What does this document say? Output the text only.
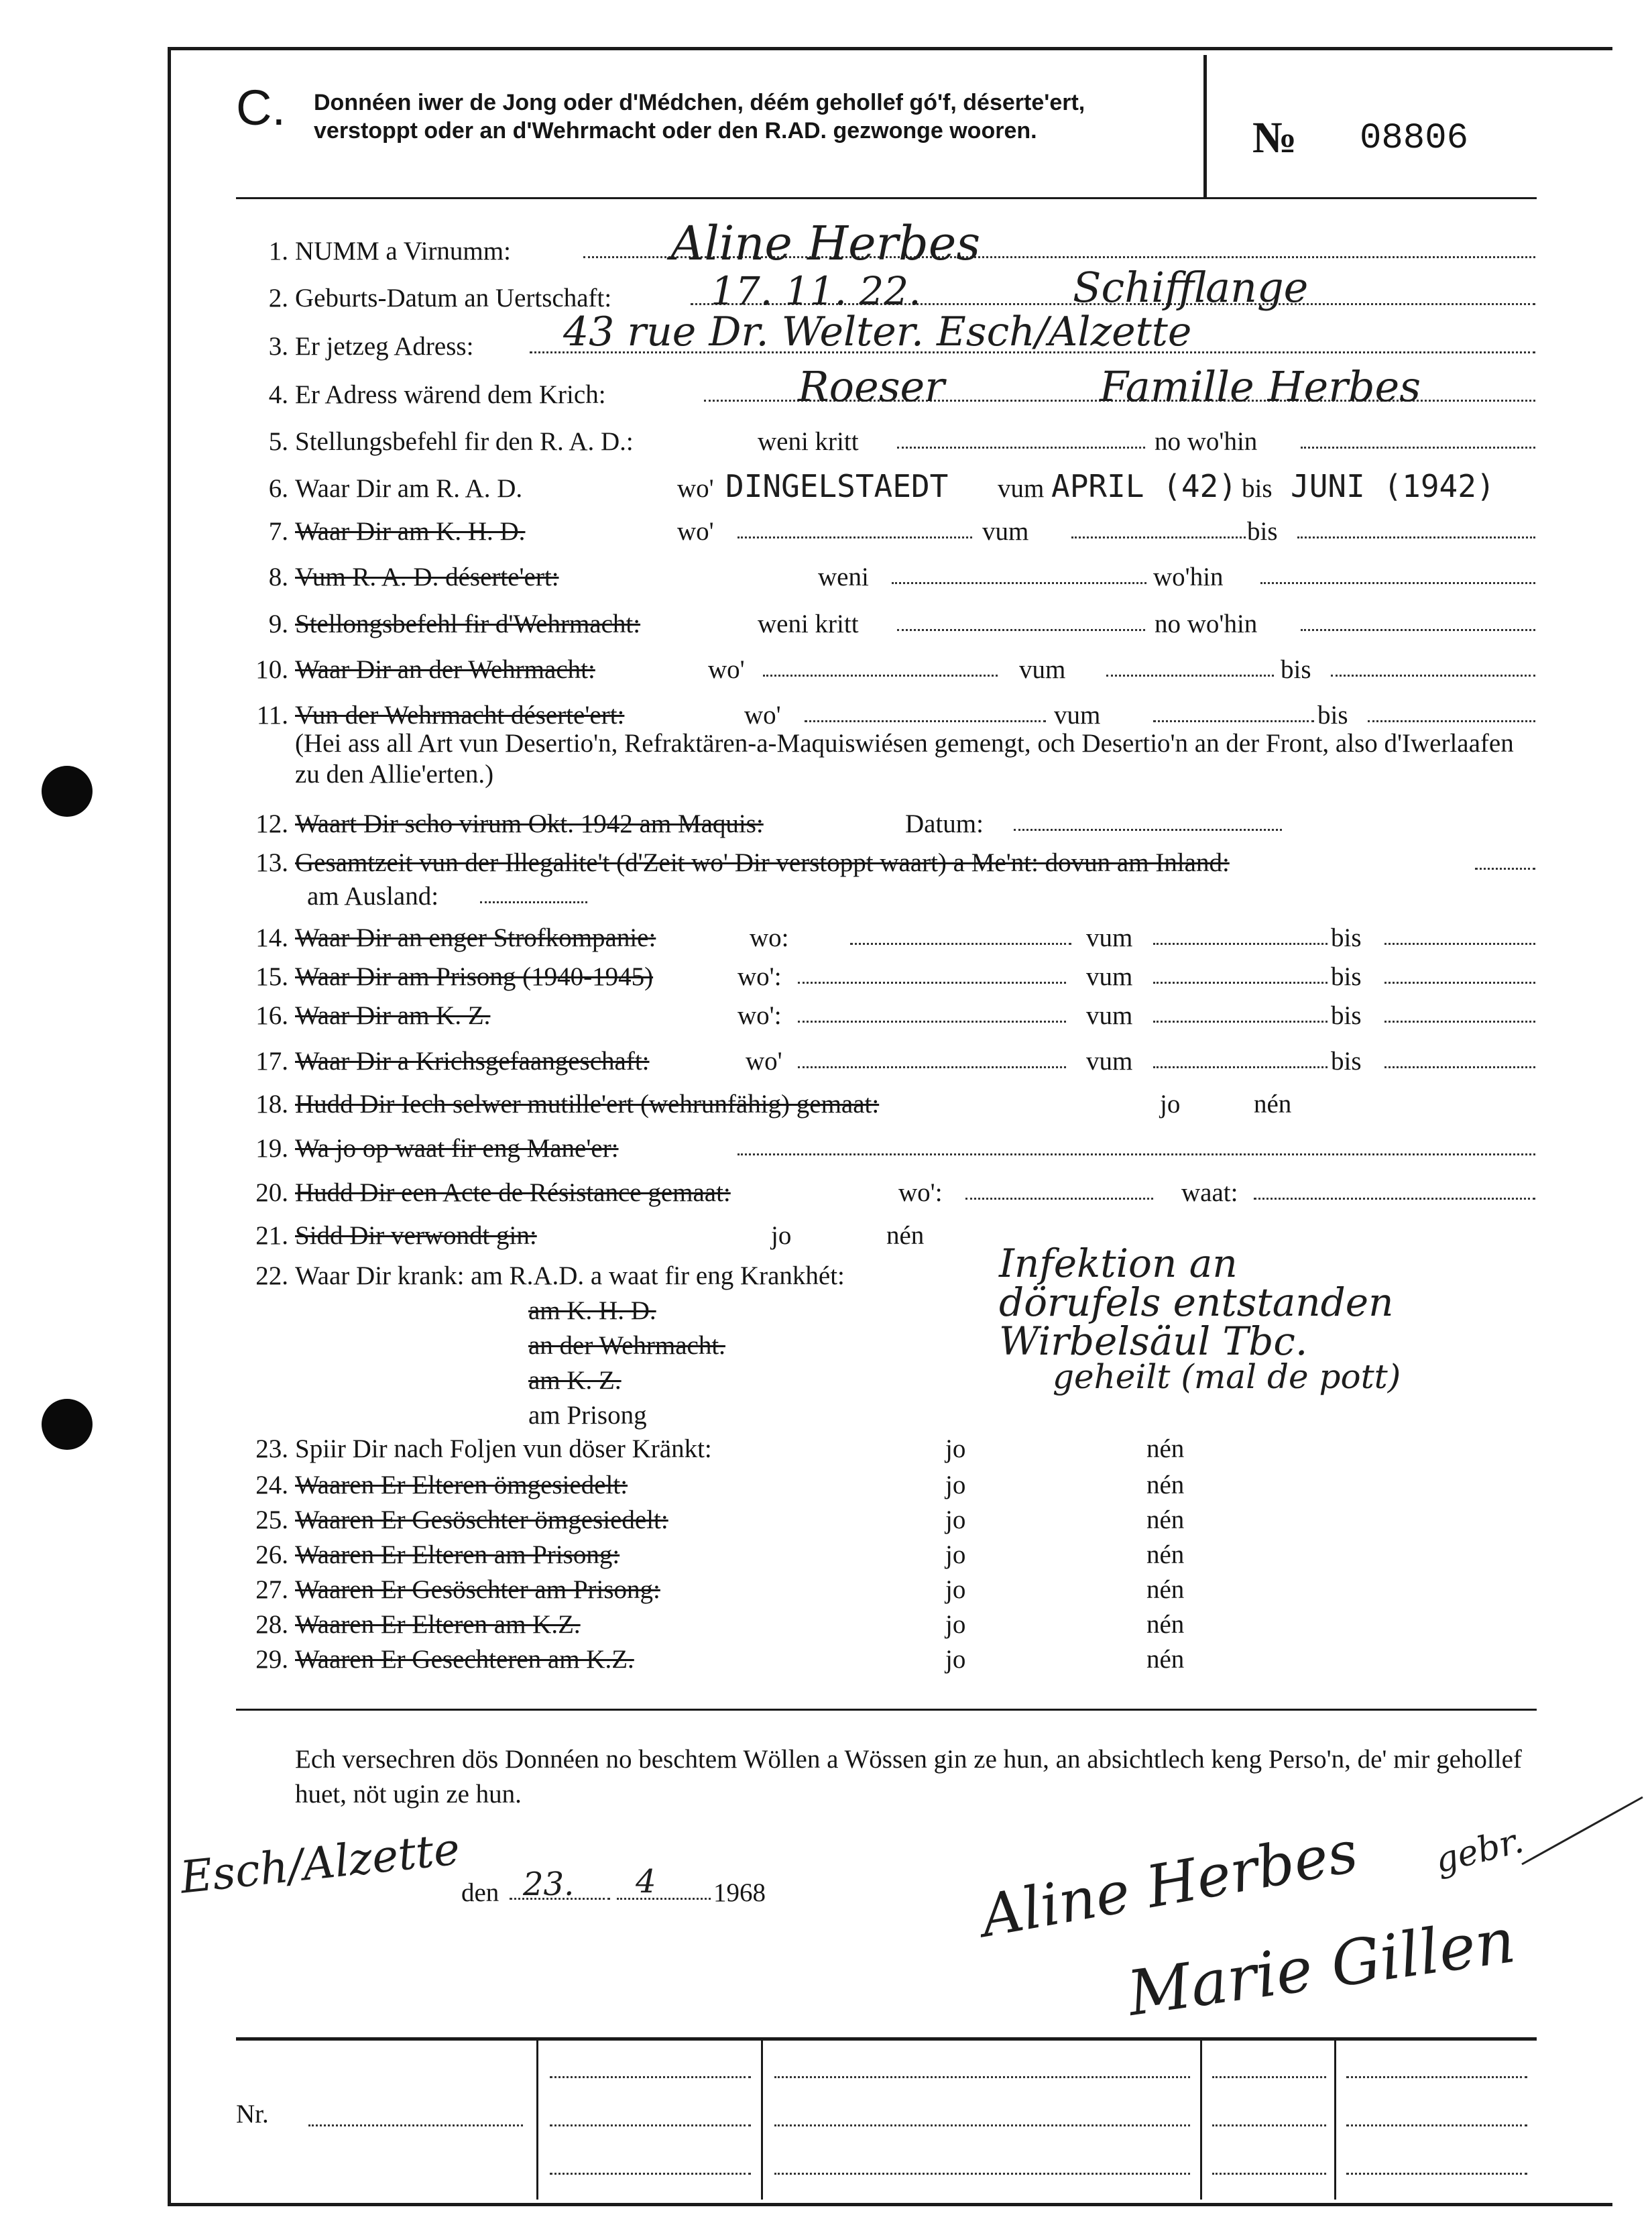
C. Donnéen iwer de Jong oder d'Médchen, déém gehollef gó'f, déserte'ert, verstoppt oder an d'Wehrmacht oder den R.AD. gezwonge wooren.	№ 08806
1. NUMM a Virnumm:	Aline Herbes
2. Geburts-Datum an Uertschaft:	17. 11. 22.	Schifflange
3. Er jetzeg Adress: 43 rue Dr. Welter. Esch/Alzette
4. Er Adress wärend dem Krich:	Roeser	Famille Herbes
5. Stellungsbefehl fir den R. A. D.:	weni kritt	no wo'hin
6. Waar Dir am R. A. D.	wo' DINGELSTAEDT vum APRIL (42) bis JUNI (1942)
7. Waar Dir am K. H. D.	wo'	vum	bis
8. Vum R. A. D. déserte'ert:	weni	wo'hin
9. Stellongsbefehl fir d'Wehrmacht:	weni kritt	no wo'hin
10. Waar Dir an der Wehrmacht:	wo'	vum	bis
11. Vun der Wehrmacht déserte'ert:	wo'	vum	bis
(Hei ass all Art vun Desertio'n, Refraktären-a-Maquiswiésen gemengt, och Desertio'n an der Front, also d'Iwerlaafen zu den Allie'erten.)
12. Waart Dir scho virum Okt. 1942 am Maquis:	Datum:
13. Gesamtzeit vun der Illegalite't (d'Zeit wo' Dir verstoppt waart) a Me'nt: dovun am Inland:
am Ausland:
14. Waar Dir an enger Strofkompanie:	wo:	vum	bis
15. Waar Dir am Prisong (1940-1945)	wo':	vum	bis
16. Waar Dir am K. Z.	wo':	vum	bis
17. Waar Dir a Krichsgefaangeschaft:	wo'	vum	bis
18. Hudd Dir Iech selwer mutille'ert (wehrunfähig) gemaat:	jo	nén
19. Wa jo op waat fir eng Mane'er:
20. Hudd Dir een Acte de Résistance gemaat:	wo':	waat:
21. Sidd Dir verwondt gin:	jo	nén
22. Waar Dir krank: am R.A.D. a waat fir eng Krankhét:
am K. H. D.
an der Wehrmacht.
am K. Z.
am Prisong
Infektion an
dörufels entstanden
Wirbelsäul Tbc.
geheilt (mal de pott)
23. Spiir Dir nach Foljen vun döser Kränkt:	jo	nén
24. Waaren Er Elteren ömgesiedelt:	jo	nén
25. Waaren Er Gesöschter ömgesiedelt:	jo	nén
26. Waaren Er Elteren am Prisong:	jo	nén
27. Waaren Er Gesöschter am Prisong:	jo	nén
28. Waaren Er Elteren am K.Z.	jo	nén
29. Waaren Er Gesechteren am K.Z.	jo	nén
Ech versechren dös Donnéen no beschtem Wöllen a Wössen gin ze hun, an absichtlech keng Perso'n, de' mir gehollef huet, nöt ugin ze hun.
Esch/Alzette
den 23. 4 1968	Aline Herbes gebr.
Marie Gillen
Nr.
